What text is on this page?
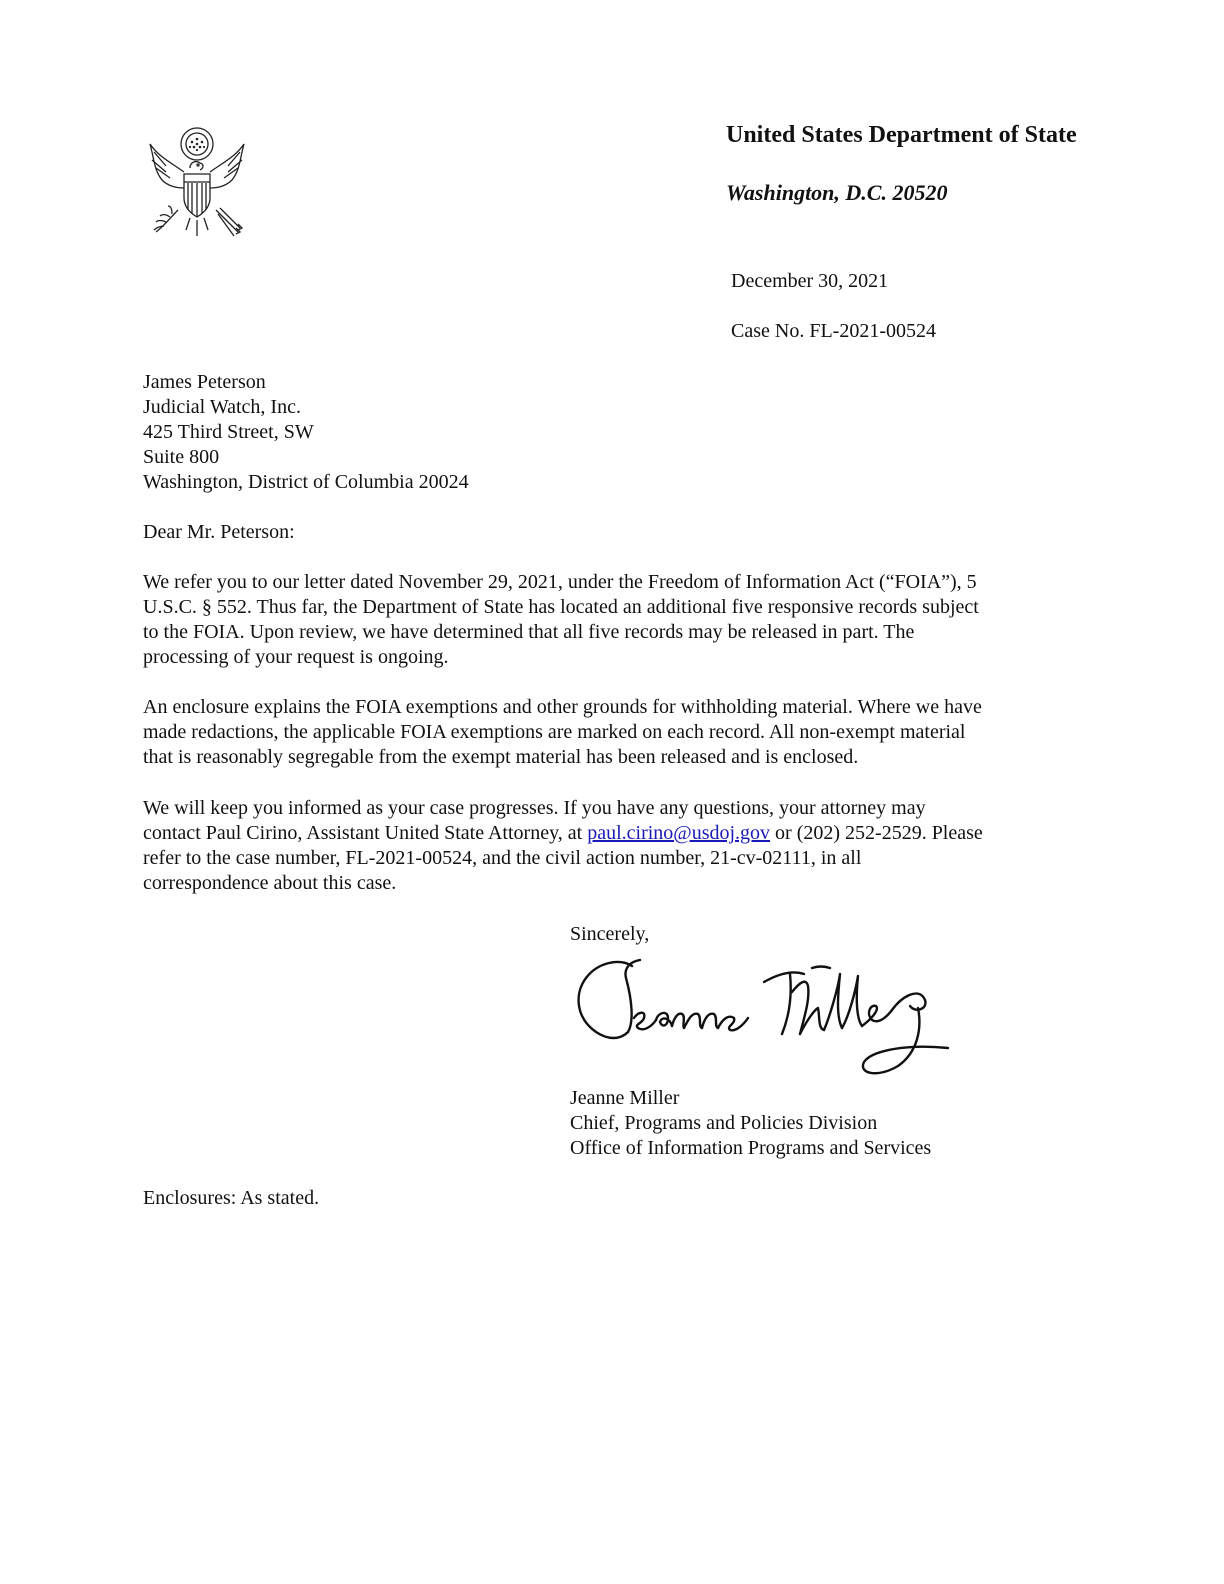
United States Department of State
Washington, D.C. 20520
December 30, 2021
Case No. FL-2021-00524
James Peterson
Judicial Watch, Inc.
425 Third Street, SW
Suite 800
Washington, District of Columbia 20024
Dear Mr. Peterson:
We refer you to our letter dated November 29, 2021, under the Freedom of Information Act (“FOIA”), 5
U.S.C. § 552. Thus far, the Department of State has located an additional five responsive records subject
to the FOIA. Upon review, we have determined that all five records may be released in part. The
processing of your request is ongoing.
An enclosure explains the FOIA exemptions and other grounds for withholding material. Where we have
made redactions, the applicable FOIA exemptions are marked on each record. All non-exempt material
that is reasonably segregable from the exempt material has been released and is enclosed.
We will keep you informed as your case progresses. If you have any questions, your attorney may
contact Paul Cirino, Assistant United State Attorney, at paul.cirino@usdoj.gov or (202) 252-2529. Please
refer to the case number, FL-2021-00524, and the civil action number, 21-cv-02111, in all
correspondence about this case.
Sincerely,
Jeanne Miller
Chief, Programs and Policies Division
Office of Information Programs and Services
Enclosures: As stated.
